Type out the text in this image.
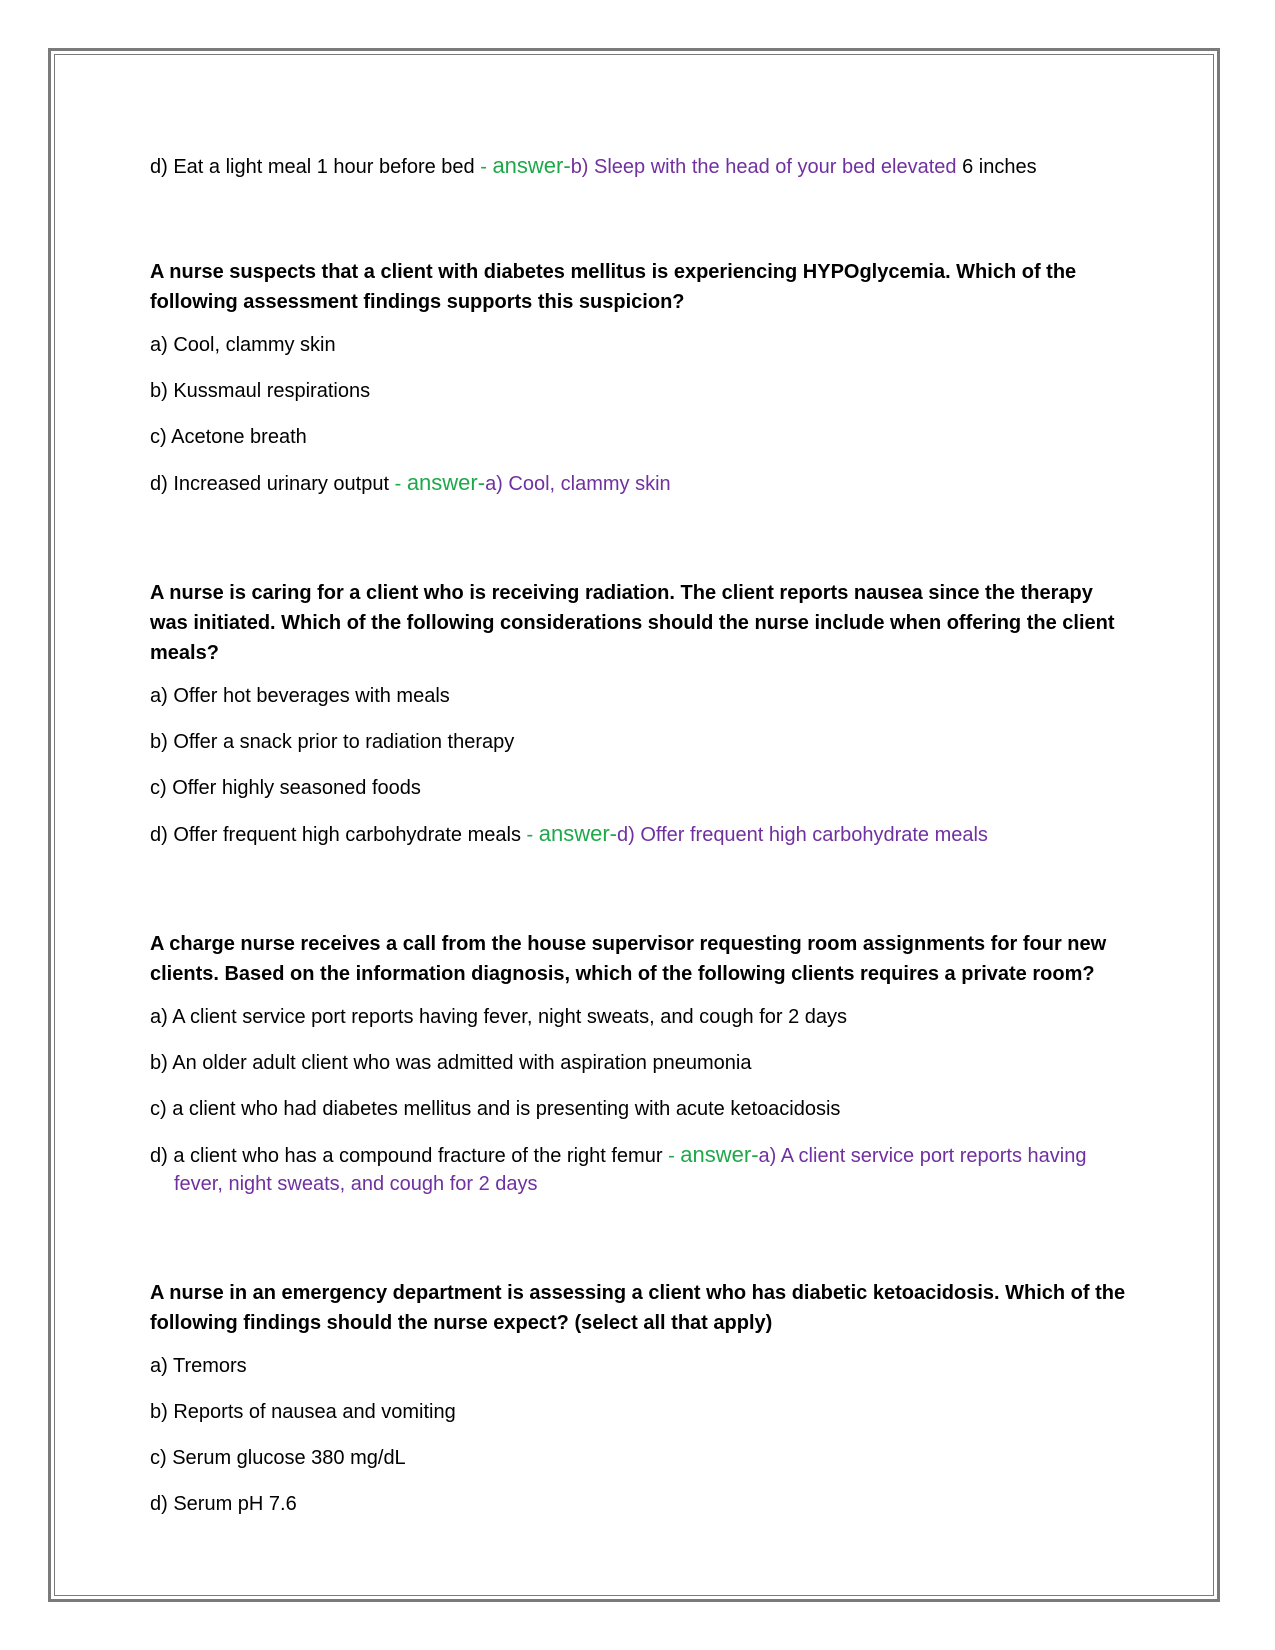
d) Eat a light meal 1 hour before bed - answer-b) Sleep with the head of your bed elevated 6 inches
A nurse suspects that a client with diabetes mellitus is experiencing HYPOglycemia. Which of the following assessment findings supports this suspicion?
a) Cool, clammy skin
b) Kussmaul respirations
c) Acetone breath
d) Increased urinary output - answer-a) Cool, clammy skin
A nurse is caring for a client who is receiving radiation. The client reports nausea since the therapy was initiated. Which of the following considerations should the nurse include when offering the client meals?
a) Offer hot beverages with meals
b) Offer a snack prior to radiation therapy
c) Offer highly seasoned foods
d) Offer frequent high carbohydrate meals - answer-d) Offer frequent high carbohydrate meals
A charge nurse receives a call from the house supervisor requesting room assignments for four new clients. Based on the information diagnosis, which of the following clients requires a private room?
a) A client service port reports having fever, night sweats, and cough for 2 days
b) An older adult client who was admitted with aspiration pneumonia
c) a client who had diabetes mellitus and is presenting with acute ketoacidosis
d) a client who has a compound fracture of the right femur - answer-a) A client service port reports having fever, night sweats, and cough for 2 days
A nurse in an emergency department is assessing a client who has diabetic ketoacidosis. Which of the following findings should the nurse expect? (select all that apply)
a) Tremors
b) Reports of nausea and vomiting
c) Serum glucose 380 mg/dL
d) Serum pH 7.6
